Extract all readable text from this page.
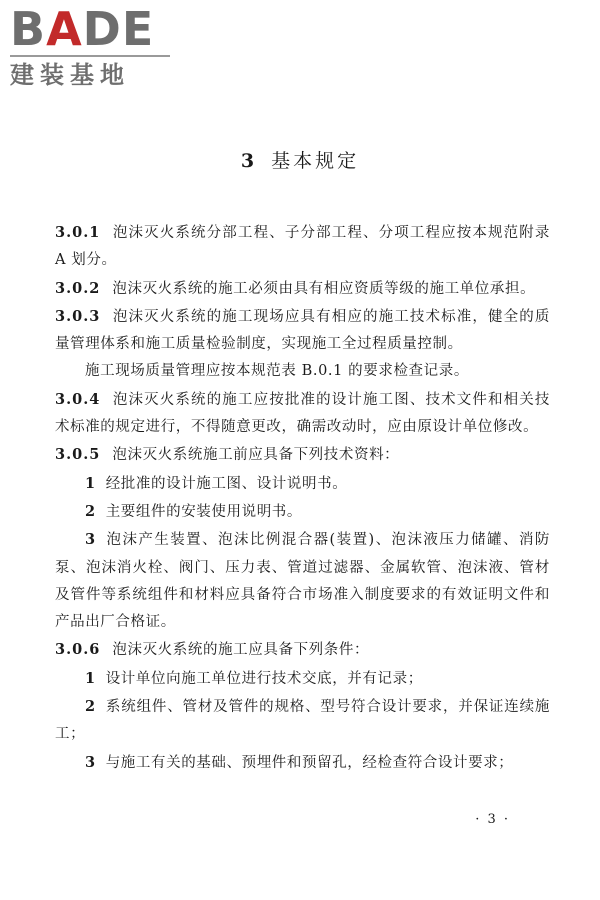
BADE
建装基地
3 基本规定

3.0.1 泡沫灭火系统分部工程、子分部工程、分项工程应按本规范附录 A 划分。

3.0.2 泡沫灭火系统的施工必须由具有相应资质等级的施工单位承担。

3.0.3 泡沫灭火系统的施工现场应具有相应的施工技术标准，健全的质量管理体系和施工质量检验制度，实现施工全过程质量控制。

施工现场质量管理应按本规范表 B.0.1 的要求检查记录。

3.0.4 泡沫灭火系统的施工应按批准的设计施工图、技术文件和相关技术标准的规定进行，不得随意更改，确需改动时，应由原设计单位修改。

3.0.5 泡沫灭火系统施工前应具备下列技术资料：

1 经批准的设计施工图、设计说明书。

2 主要组件的安装使用说明书。

3 泡沫产生装置、泡沫比例混合器(装置)、泡沫液压力储罐、消防泵、泡沫消火栓、阀门、压力表、管道过滤器、金属软管、泡沫液、管材及管件等系统组件和材料应具备符合市场准入制度要求的有效证明文件和产品出厂合格证。

3.0.6 泡沫灭火系统的施工应具备下列条件：

1 设计单位向施工单位进行技术交底，并有记录；

2 系统组件、管材及管件的规格、型号符合设计要求，并保证连续施工；

3 与施工有关的基础、预埋件和预留孔，经检查符合设计要求；

· 3 ·
